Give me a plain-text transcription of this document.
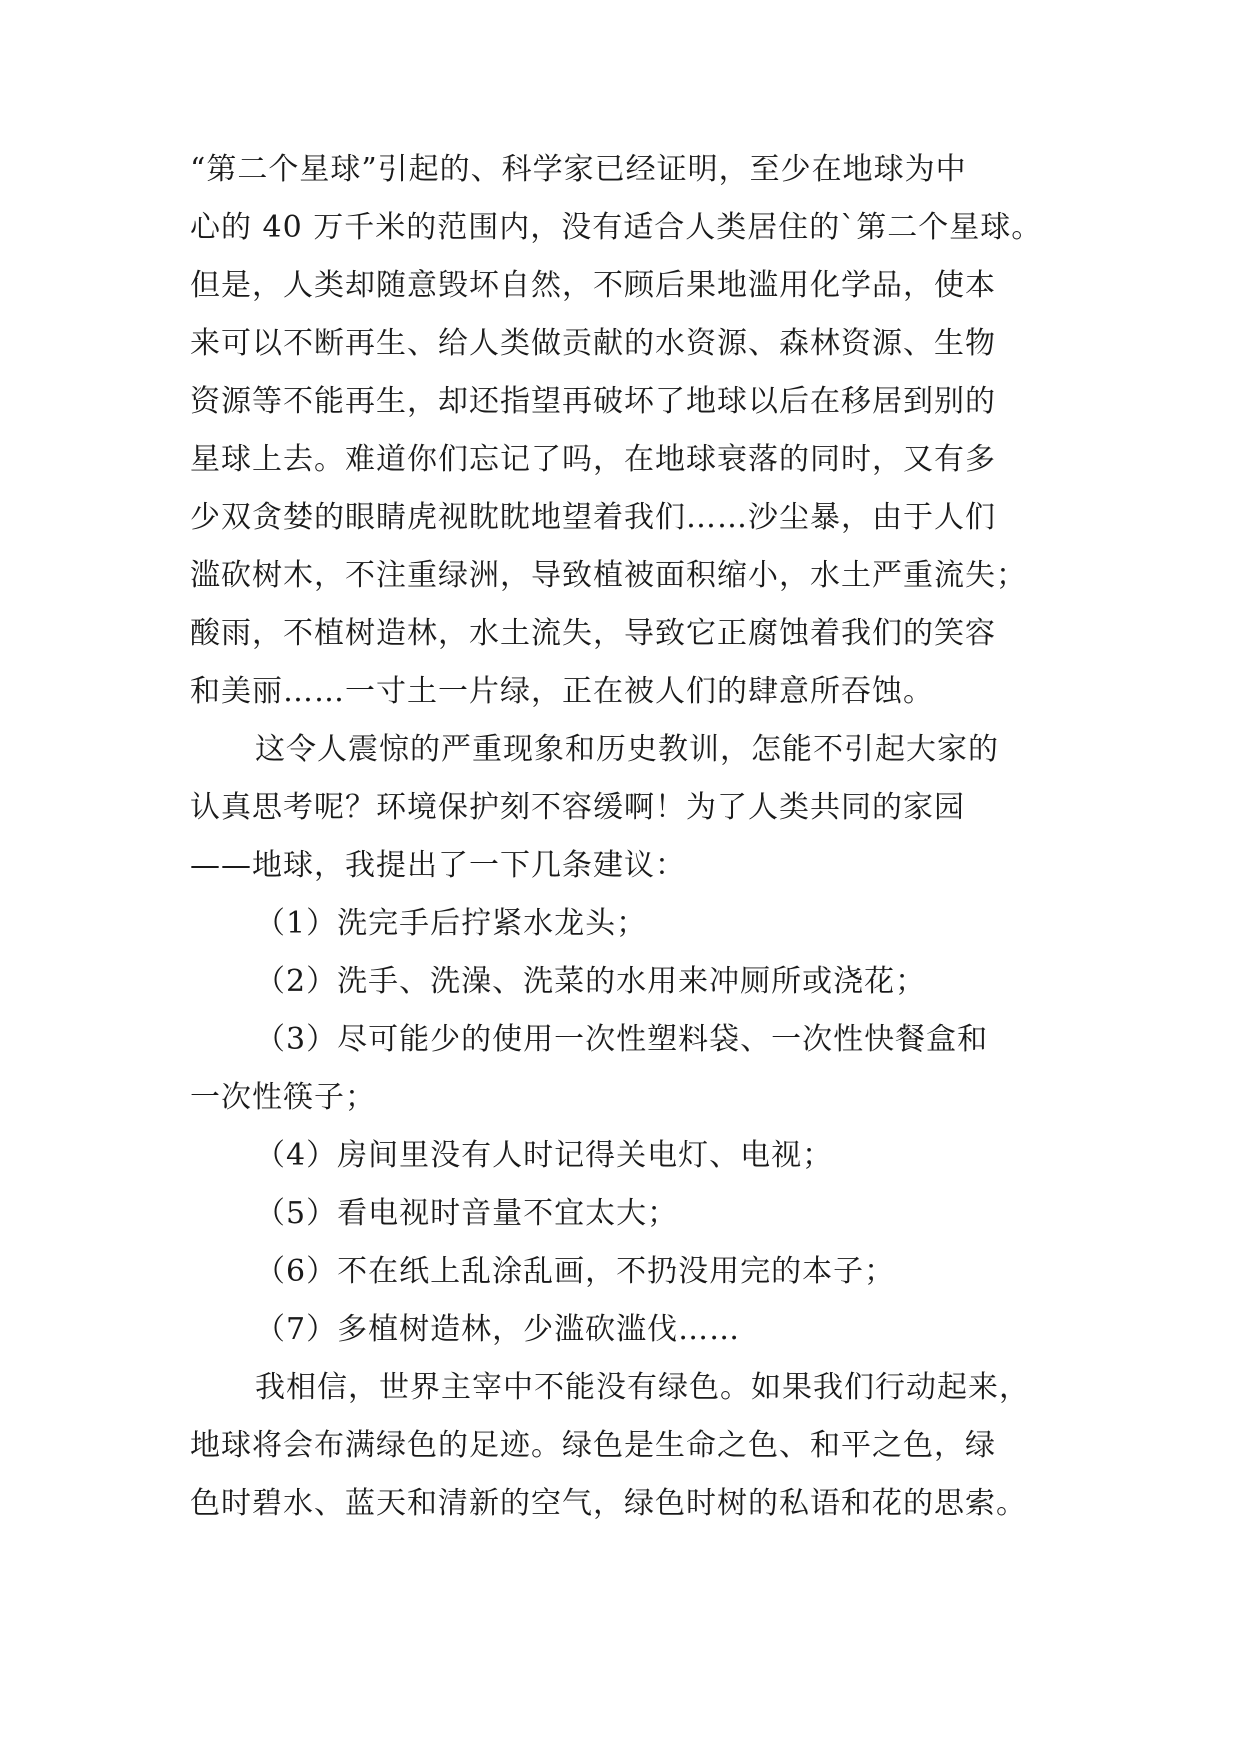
“第二个星球”引起的、科学家已经证明，至少在地球为中
心的 40 万千米的范围内，没有适合人类居住的`第二个星球。
但是，人类却随意毁坏自然，不顾后果地滥用化学品，使本
来可以不断再生、给人类做贡献的水资源、森林资源、生物
资源等不能再生，却还指望再破坏了地球以后在移居到别的
星球上去。难道你们忘记了吗，在地球衰落的同时，又有多
少双贪婪的眼睛虎视眈眈地望着我们……沙尘暴，由于人们
滥砍树木，不注重绿洲，导致植被面积缩小，水土严重流失；
酸雨，不植树造林，水土流失，导致它正腐蚀着我们的笑容
和美丽……一寸土一片绿，正在被人们的肆意所吞蚀。
这令人震惊的严重现象和历史教训，怎能不引起大家的
认真思考呢？环境保护刻不容缓啊！为了人类共同的家园
——地球，我提出了一下几条建议：
（1）洗完手后拧紧水龙头；
（2）洗手、洗澡、洗菜的水用来冲厕所或浇花；
（3）尽可能少的使用一次性塑料袋、一次性快餐盒和
一次性筷子；
（4）房间里没有人时记得关电灯、电视；
（5）看电视时音量不宜太大；
（6）不在纸上乱涂乱画，不扔没用完的本子；
（7）多植树造林，少滥砍滥伐……
我相信，世界主宰中不能没有绿色。如果我们行动起来，
地球将会布满绿色的足迹。绿色是生命之色、和平之色，绿
色时碧水、蓝天和清新的空气，绿色时树的私语和花的思索。
